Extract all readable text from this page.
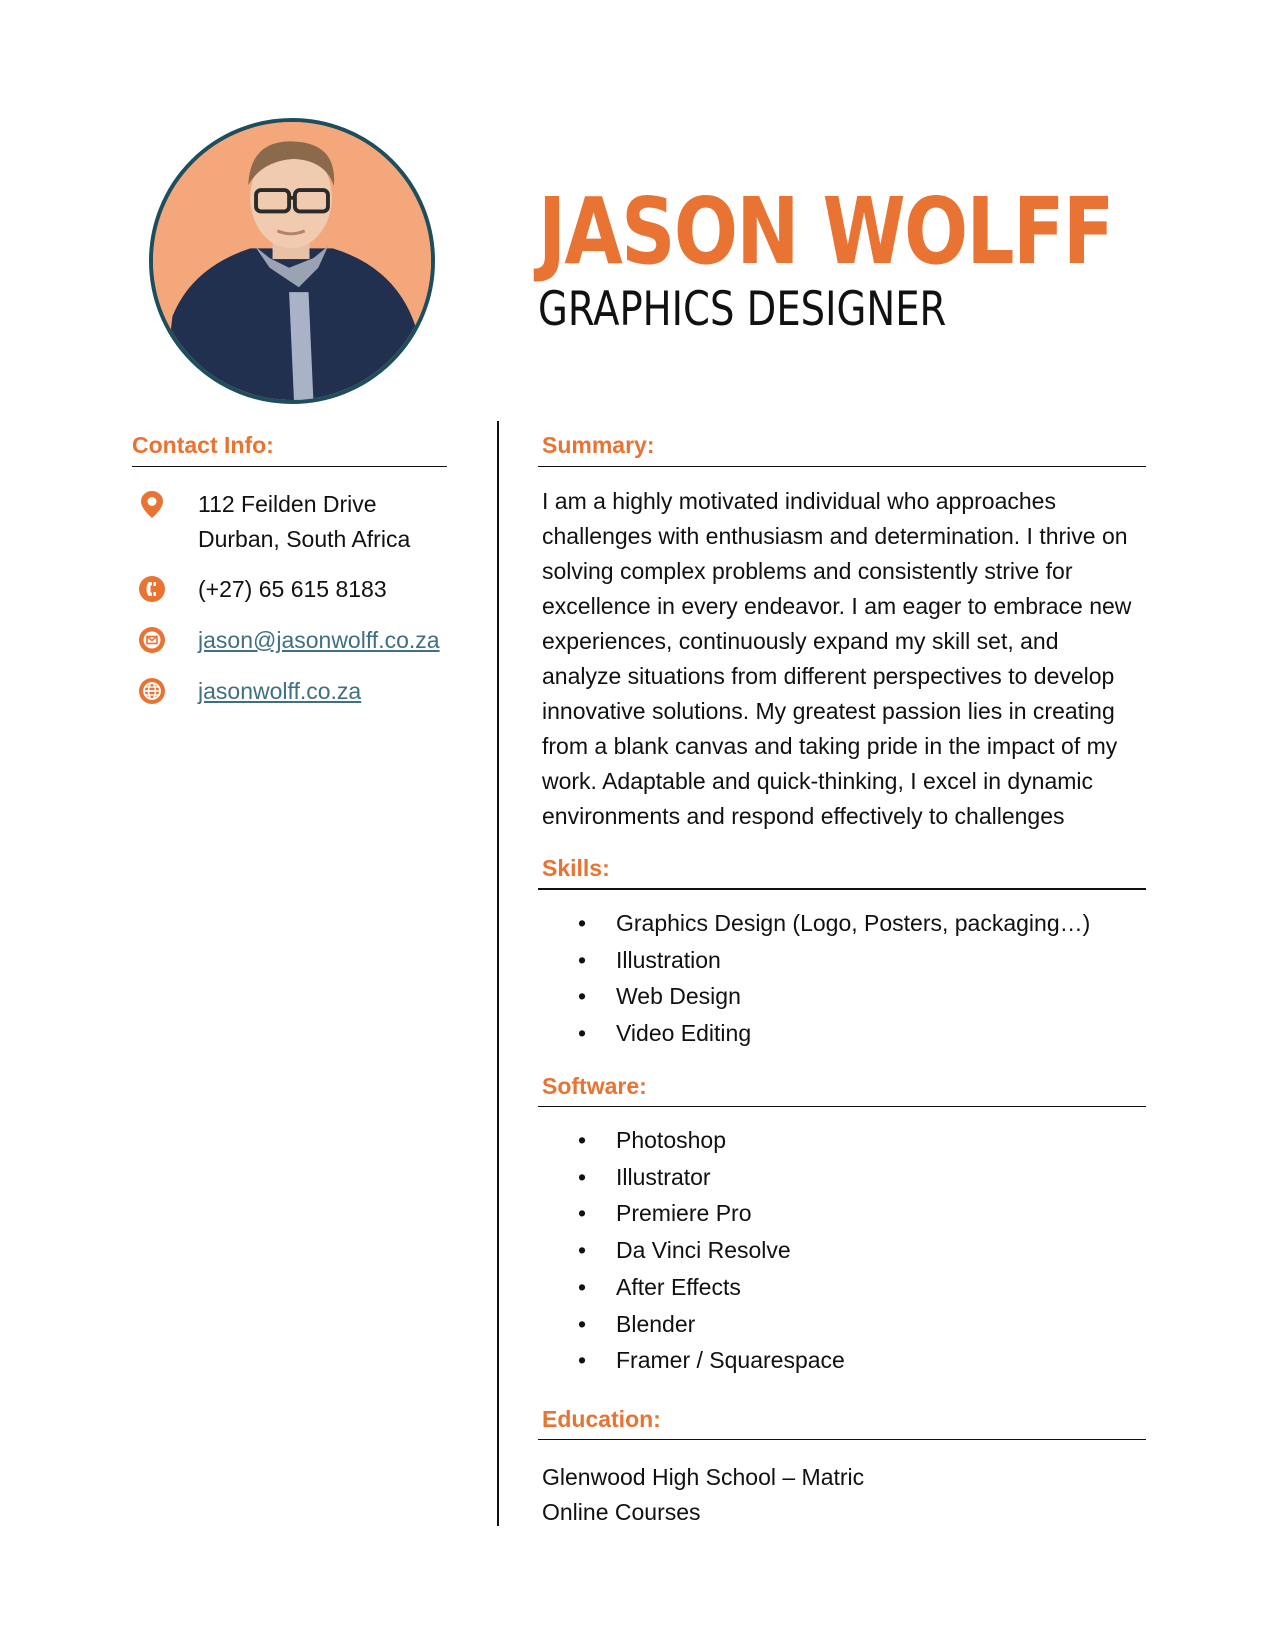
JASON WOLFF
GRAPHICS DESIGNER
Contact Info:
112 Feilden Drive
Durban, South Africa
(+27) 65 615 8183
jason@jasonwolff.co.za
jasonwolff.co.za
Summary:

I am a highly motivated individual who approaches challenges with enthusiasm and determination. I thrive on solving complex problems and consistently strive for excellence in every endeavor. I am eager to embrace new experiences, continuously expand my skill set, and analyze situations from different perspectives to develop innovative solutions. My greatest passion lies in creating from a blank canvas and taking pride in the impact of my work. Adaptable and quick-thinking, I excel in dynamic environments and respond effectively to challenges

Skills:
• Graphics Design (Logo, Posters, packaging…)
• Illustration
• Web Design
• Video Editing
Software:
• Photoshop
• Illustrator
• Premiere Pro
• Da Vinci Resolve
• After Effects
• Blender
• Framer / Squarespace
Education:
Glenwood High School – Matric
Online Courses
